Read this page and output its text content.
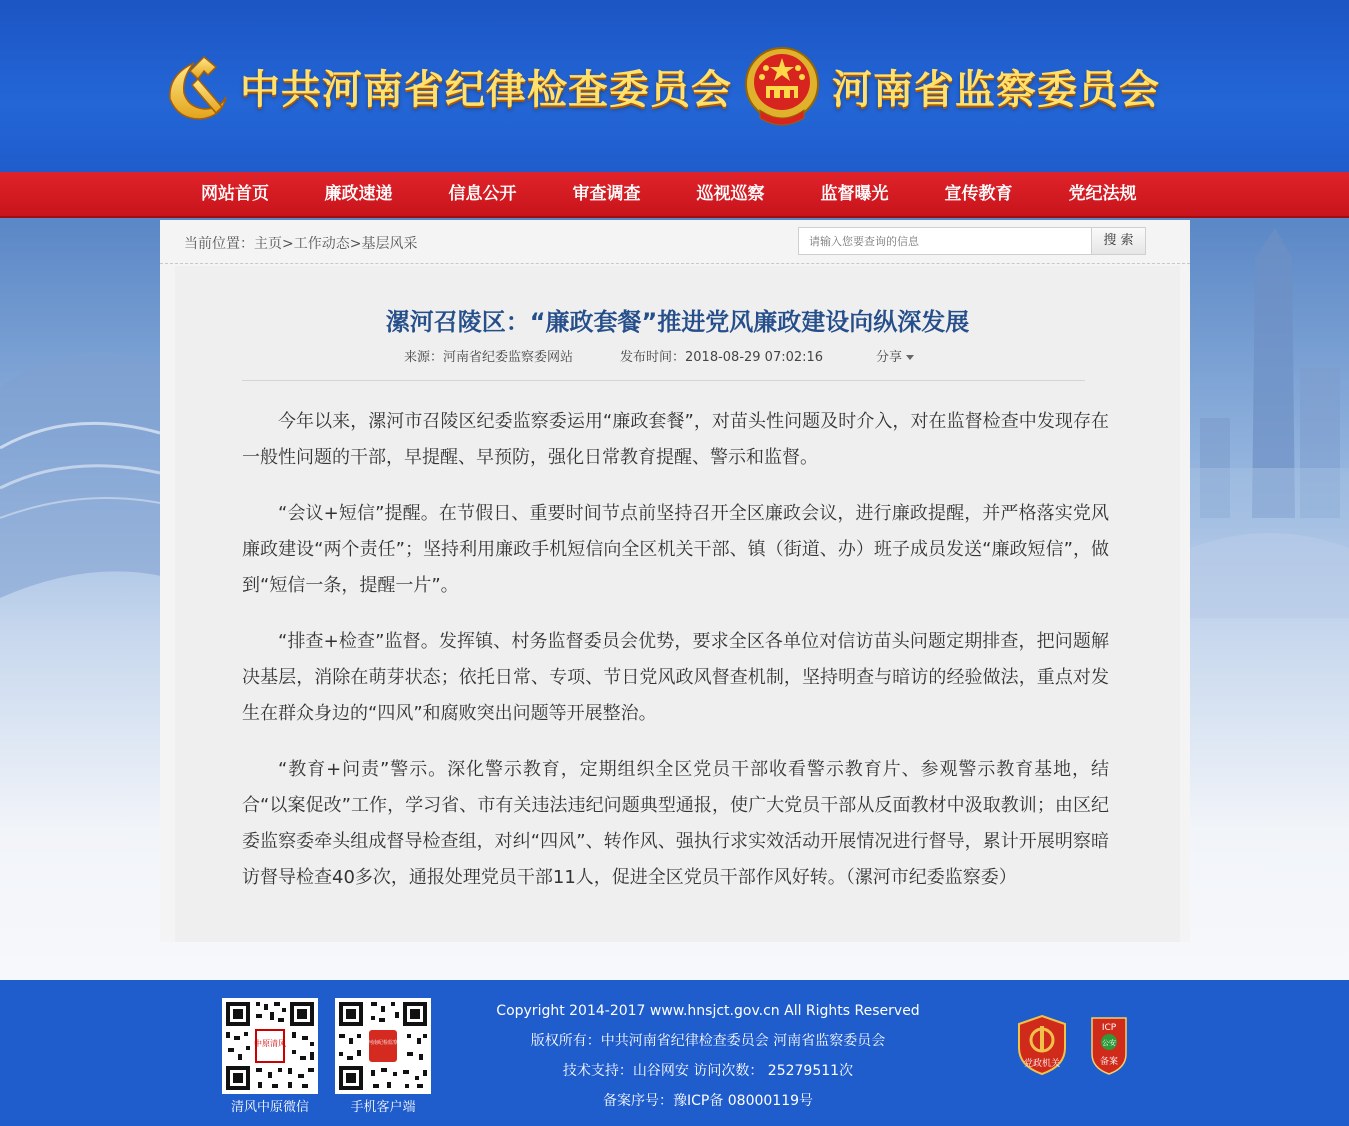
中共河南省纪律检查委员会	河南省监察委员会
网站首页	廉政速递	信息公开	审查调查	巡视巡察	监督曝光	宣传教育	党纪法规
当前位置：主页>工作动态>基层风采
请输入您要查询的信息	搜 索
漯河召陵区：“廉政套餐”推进党风廉政建设向纵深发展
来源：河南省纪委监察委网站	发布时间：2018-08-29 07:02:16	分享

今年以来，漯河市召陵区纪委监察委运用“廉政套餐”，对苗头性问题及时介入，对在监督检查中发现存在一般性问题的干部，早提醒、早预防，强化日常教育提醒、警示和监督。

“会议+短信”提醒。在节假日、重要时间节点前坚持召开全区廉政会议，进行廉政提醒，并严格落实党风廉政建设“两个责任”；坚持利用廉政手机短信向全区机关干部、镇（街道、办）班子成员发送“廉政短信”，做到“短信一条，提醒一片”。

“排查+检查”监督。发挥镇、村务监督委员会优势，要求全区各单位对信访苗头问题定期排查，把问题解决基层，消除在萌芽状态；依托日常、专项、节日党风政风督查机制，坚持明查与暗访的经验做法，重点对发生在群众身边的“四风”和腐败突出问题等开展整治。

“教育+问责”警示。深化警示教育，定期组织全区党员干部收看警示教育片、参观警示教育基地，结合“以案促改”工作，学习省、市有关违法违纪问题典型通报，使广大党员干部从反面教材中汲取教训；由区纪委监察委牵头组成督导检查组，对纠“四风”、转作风、强执行求实效活动开展情况进行督导，累计开展明察暗访督导检查40多次，通报处理党员干部11人，促进全区党员干部作风好转。（漯河市纪委监察委）

中原清风
清风中原微信
河南纪检监察
手机客户端
Copyright 2014-2017 www.hnsjct.gov.cn All Rights Reserved
版权所有：中共河南省纪律检查委员会 河南省监察委员会
技术支持：山谷网安 访问次数： 25279511次
备案序号：豫ICP备 08000119号
党政机关
ICP
公安
备案
